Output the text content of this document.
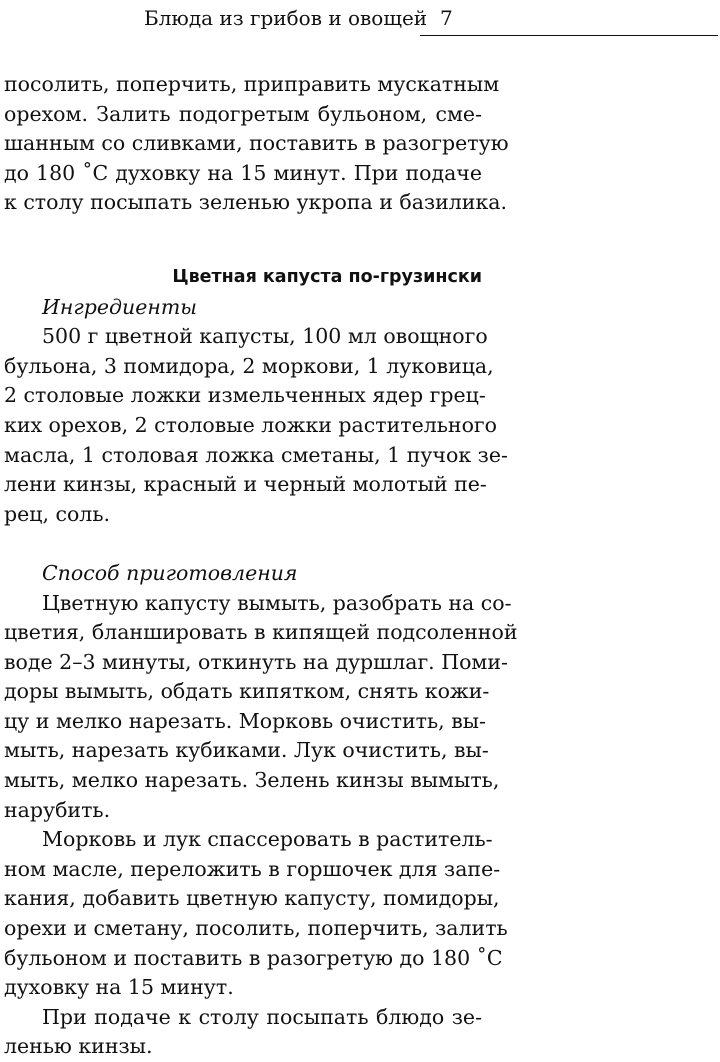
Блюда из грибов и овощей 7
посолить, поперчить, приправить мускатным
орехом. Залить подогретым бульоном, сме-
шанным со сливками, поставить в разогретую
до 180 ˚С духовку на 15 минут. При подаче
к столу посыпать зеленью укропа и базилика.
Цветная капуста по-грузински
Ингредиенты
500 г цветной капусты, 100 мл овощного
бульона, 3 помидора, 2 моркови, 1 луковица,
2 столовые ложки измельченных ядер грец-
ких орехов, 2 столовые ложки растительного
масла, 1 столовая ложка сметаны, 1 пучок зе-
лени кинзы, красный и черный молотый пе-
рец, соль.
Способ приготовления
Цветную капусту вымыть, разобрать на со-
цветия, бланшировать в кипящей подсоленной
воде 2–3 минуты, откинуть на дуршлаг. Поми-
доры вымыть, обдать кипятком, снять кожи-
цу и мелко нарезать. Морковь очистить, вы-
мыть, нарезать кубиками. Лук очистить, вы-
мыть, мелко нарезать. Зелень кинзы вымыть,
нарубить.
Морковь и лук спассеровать в раститель-
ном масле, переложить в горшочек для запе-
кания, добавить цветную капусту, помидоры,
орехи и сметану, посолить, поперчить, залить
бульоном и поставить в разогретую до 180 ˚С
духовку на 15 минут.
При подаче к столу посыпать блюдо зе-
ленью кинзы.
